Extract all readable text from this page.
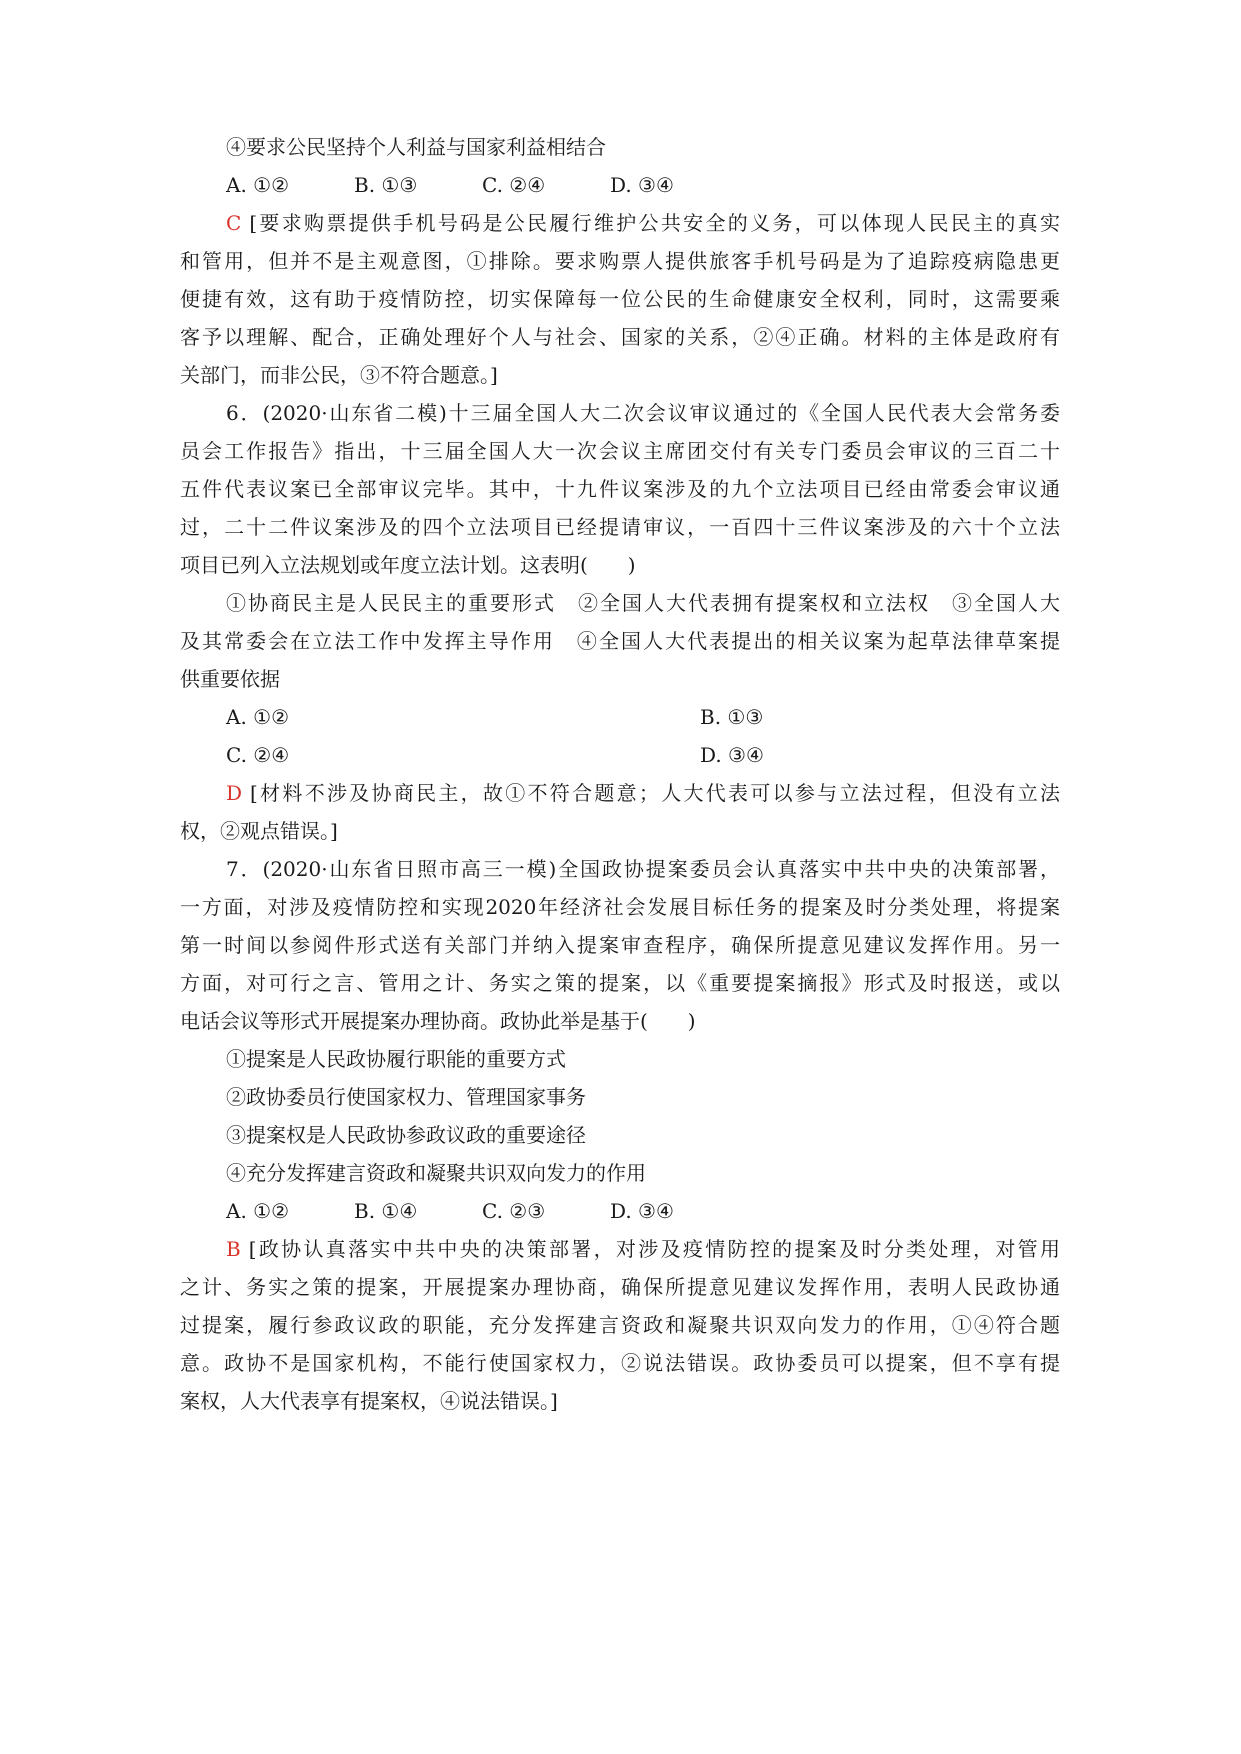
④要求公民坚持个人利益与国家利益相结合
A. ①②	B. ①③	C. ②④	D. ③④
C [要求购票提供手机号码是公民履行维护公共安全的义务，可以体现人民民主的真实
和管用，但并不是主观意图，①排除。要求购票人提供旅客手机号码是为了追踪疫病隐患更
便捷有效，这有助于疫情防控，切实保障每一位公民的生命健康安全权利，同时，这需要乘
客予以理解、配合，正确处理好个人与社会、国家的关系，②④正确。材料的主体是政府有
关部门，而非公民，③不符合题意。]
6．(2020·山东省二模)十三届全国人大二次会议审议通过的《全国人民代表大会常务委
员会工作报告》指出，十三届全国人大一次会议主席团交付有关专门委员会审议的三百二十
五件代表议案已全部审议完毕。其中，十九件议案涉及的九个立法项目已经由常委会审议通
过，二十二件议案涉及的四个立法项目已经提请审议，一百四十三件议案涉及的六十个立法
项目已列入立法规划或年度立法计划。这表明(　　)
①协商民主是人民民主的重要形式　②全国人大代表拥有提案权和立法权　③全国人大
及其常委会在立法工作中发挥主导作用　④全国人大代表提出的相关议案为起草法律草案提
供重要依据
A. ①②	B. ①③
C. ②④	D. ③④
D [材料不涉及协商民主，故①不符合题意；人大代表可以参与立法过程，但没有立法
权，②观点错误。]
7．(2020·山东省日照市高三一模)全国政协提案委员会认真落实中共中央的决策部署，
一方面，对涉及疫情防控和实现2020年经济社会发展目标任务的提案及时分类处理，将提案
第一时间以参阅件形式送有关部门并纳入提案审查程序，确保所提意见建议发挥作用。另一
方面，对可行之言、管用之计、务实之策的提案，以《重要提案摘报》形式及时报送，或以
电话会议等形式开展提案办理协商。政协此举是基于(　　)
①提案是人民政协履行职能的重要方式
②政协委员行使国家权力、管理国家事务
③提案权是人民政协参政议政的重要途径
④充分发挥建言资政和凝聚共识双向发力的作用
A. ①②	B. ①④	C. ②③	D. ③④
B [政协认真落实中共中央的决策部署，对涉及疫情防控的提案及时分类处理，对管用
之计、务实之策的提案，开展提案办理协商，确保所提意见建议发挥作用，表明人民政协通
过提案，履行参政议政的职能，充分发挥建言资政和凝聚共识双向发力的作用，①④符合题
意。政协不是国家机构，不能行使国家权力，②说法错误。政协委员可以提案，但不享有提
案权，人大代表享有提案权，④说法错误。]
